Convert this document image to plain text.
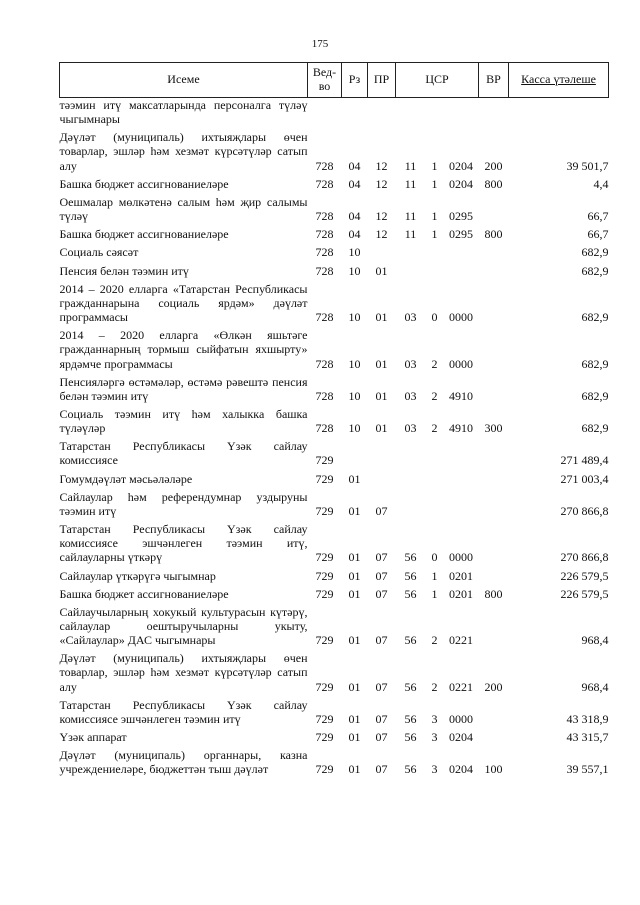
175
Исеме	Вед-во	Рз	ПР	ЦСР			ВР	Касса үтәлеше
тәэмин итү максатларында персоналга түләү чыгымнары								
Дәүләт (муниципаль) ихтыяҗлары өчен товарлар, эшләр һәм хезмәт күрсәтүләр сатып алу	728	04	12	11	1	0204	200	39 501,7
Башка бюджет ассигнованиеләре	728	04	12	11	1	0204	800	4,4
Оешмалар мөлкәтенә салым һәм җир салымы түләү	728	04	12	11	1	0295		66,7
Башка бюджет ассигнованиеләре	728	04	12	11	1	0295	800	66,7
Социаль сәясәт	728	10						682,9
Пенсия белән тәэмин итү	728	10	01					682,9
2014 – 2020 елларга «Татарстан Республикасы гражданнарына социаль ярдәм» дәүләт программасы	728	10	01	03	0	0000		682,9
2014 – 2020 елларга «Өлкән яшьтәге гражданнарның тормыш сыйфатын яхшырту» ярдәмче программасы	728	10	01	03	2	0000		682,9
Пенсияләргә өстәмәләр, өстәмә рәвештә пенсия белән тәэмин итү	728	10	01	03	2	4910		682,9
Социаль тәэмин итү һәм халыкка башка түләүләр	728	10	01	03	2	4910	300	682,9
Татарстан Республикасы Үзәк сайлау комиссиясе	729							271 489,4
Гомумдәүләт мәсьәләләре	729	01						271 003,4
Сайлаулар һәм референдумнар уздыруны тәэмин итү	729	01	07					270 866,8
Татарстан Республикасы Үзәк сайлау комиссиясе эшчәнлеген тәэмин итү, сайлауларны үткәрү	729	01	07	56	0	0000		270 866,8
Сайлаулар үткәрүгә чыгымнар	729	01	07	56	1	0201		226 579,5
Башка бюджет ассигнованиеләре	729	01	07	56	1	0201	800	226 579,5
Сайлаучыларның хокукый культурасын күтәрү, сайлаулар оештыручыларны укыту, «Сайлаулар» ДАС чыгымнары	729	01	07	56	2	0221		968,4
Дәүләт (муниципаль) ихтыяҗлары өчен товарлар, эшләр һәм хезмәт күрсәтүләр сатып алу	729	01	07	56	2	0221	200	968,4
Татарстан Республикасы Үзәк сайлау комиссиясе эшчәнлеген тәэмин итү	729	01	07	56	3	0000		43 318,9
Үзәк аппарат	729	01	07	56	3	0204		43 315,7
Дәүләт (муниципаль) органнары, казна учреждениеләре, бюджеттән тыш дәүләт	729	01	07	56	3	0204	100	39 557,1
